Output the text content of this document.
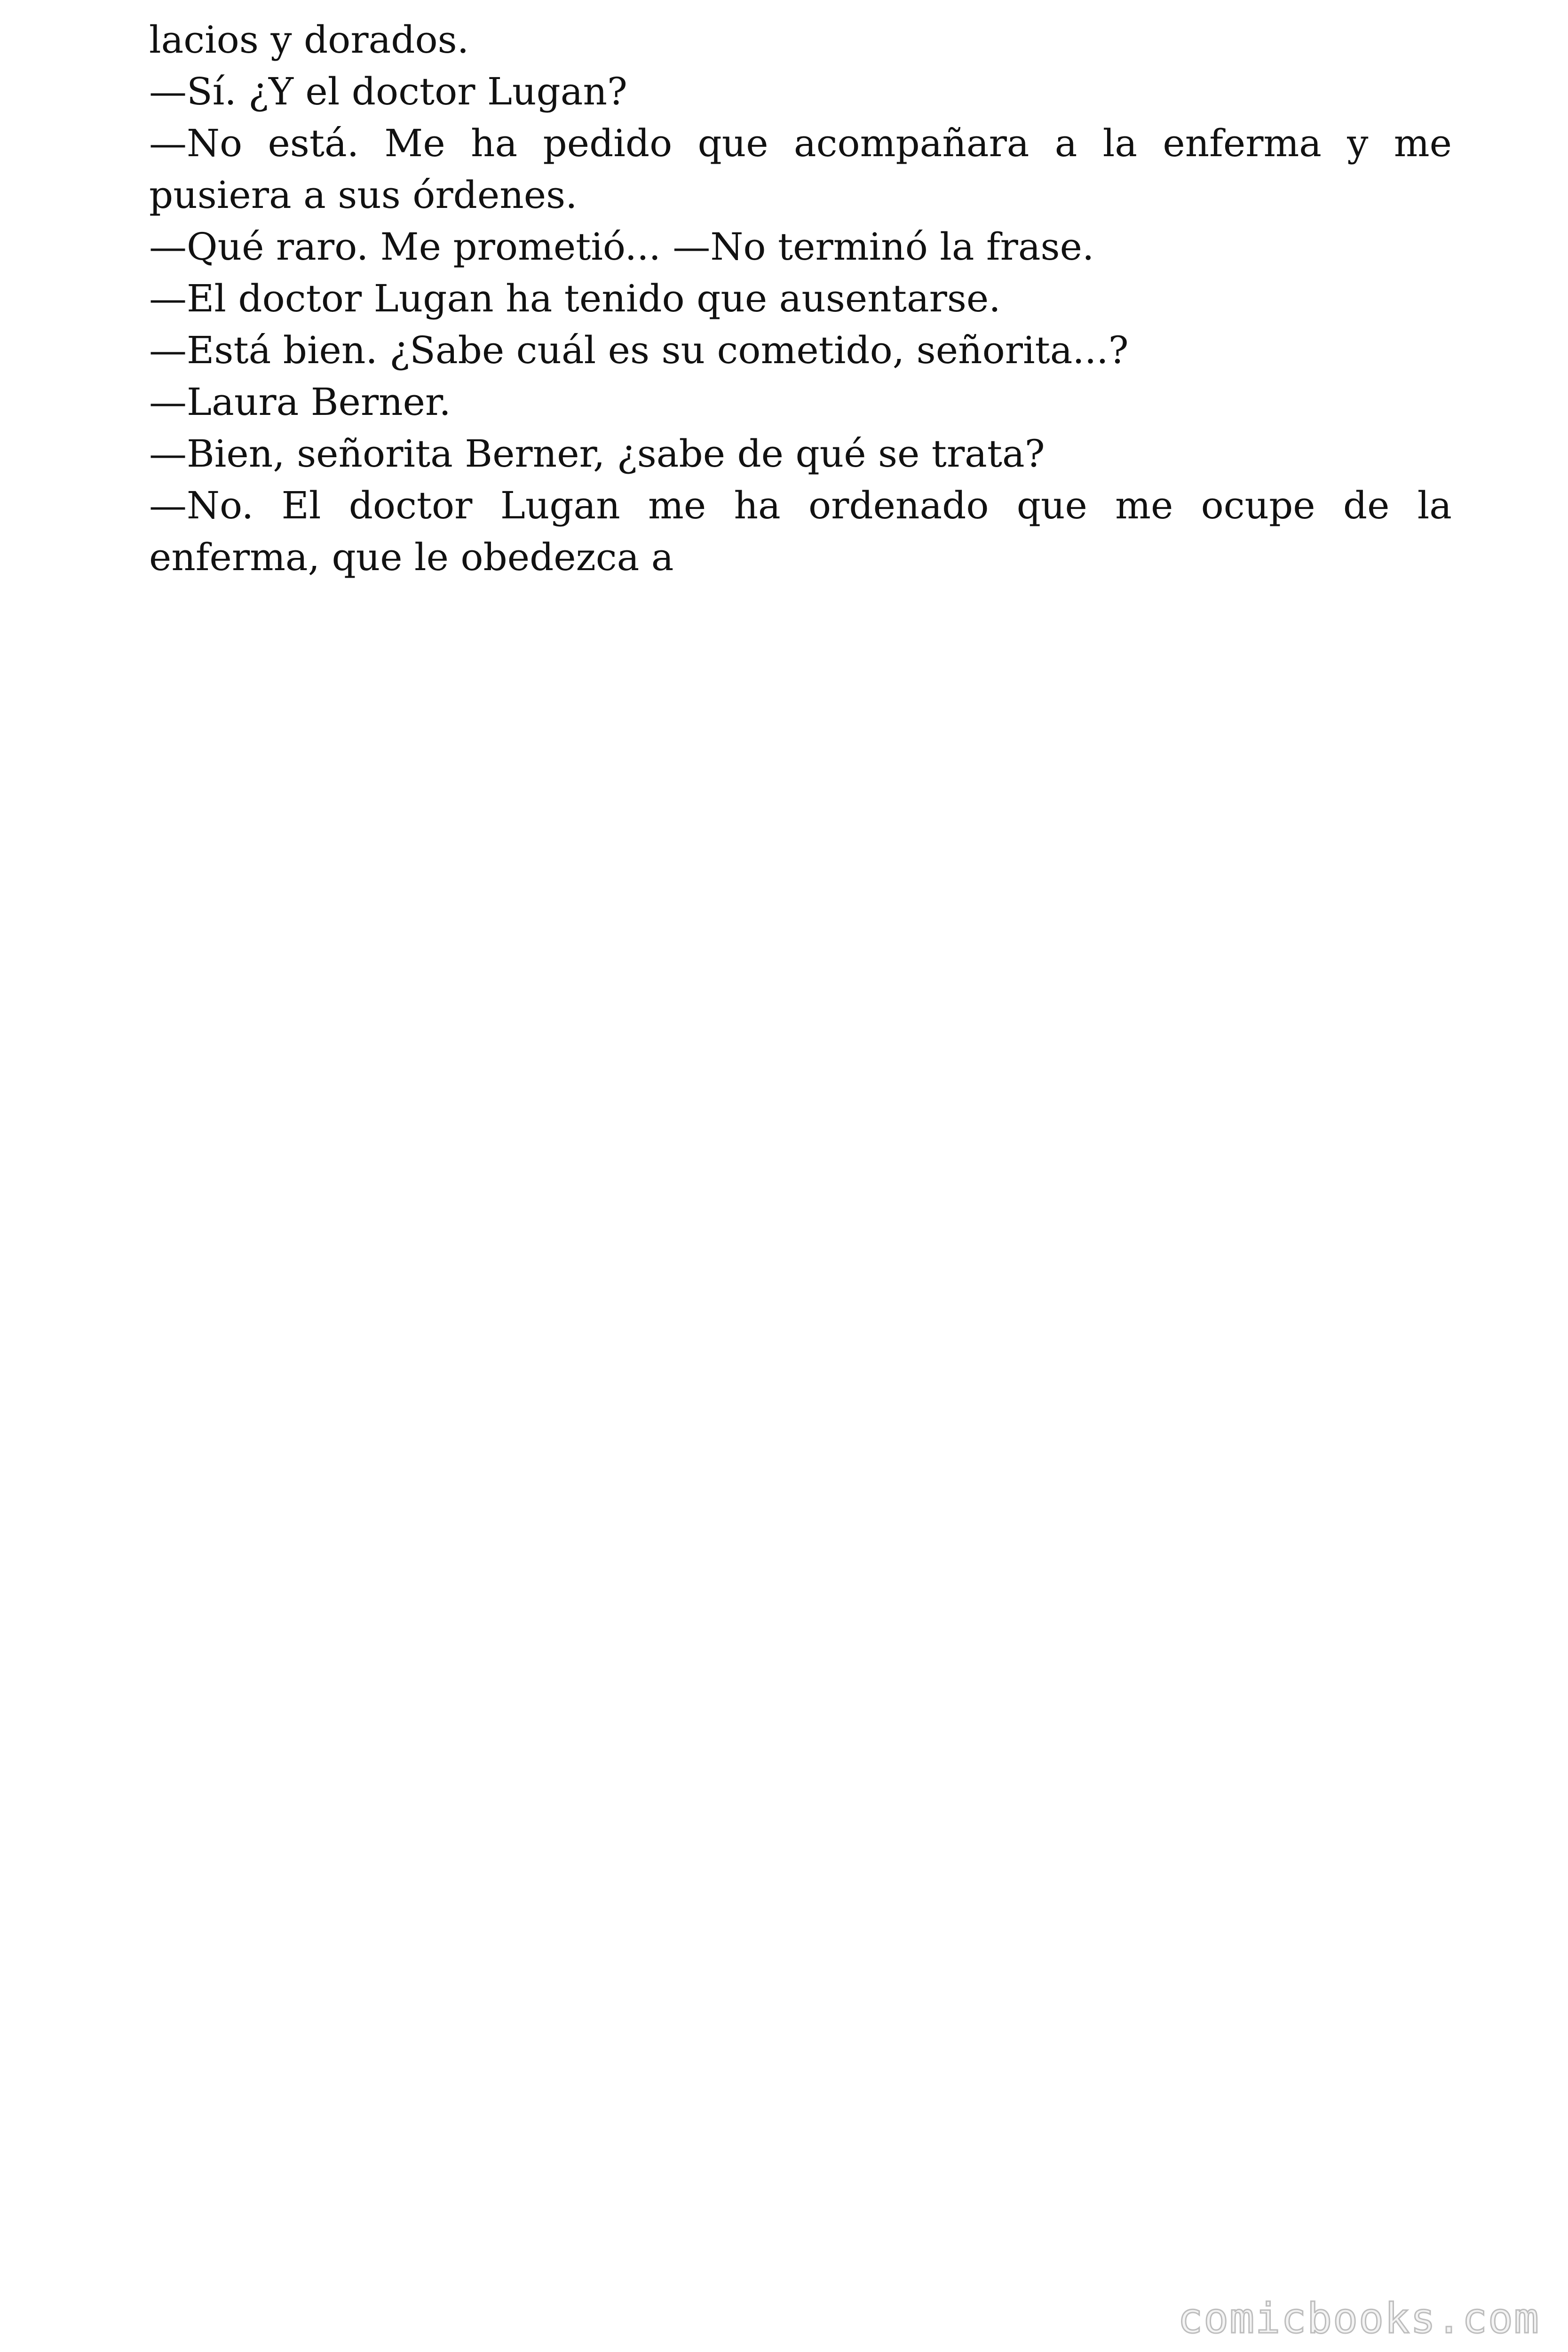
lacios y dorados.

—Sí. ¿Y el doctor Lugan?

—No está. Me ha pedido que acompañara a la enferma y me pusiera a sus órdenes.

—Qué raro. Me prometió... —No terminó la frase.

—El doctor Lugan ha tenido que ausentarse.

—Está bien. ¿Sabe cuál es su cometido, señorita...?

—Laura Berner.

—Bien, señorita Berner, ¿sabe de qué se trata?

—No. El doctor Lugan me ha ordenado que me ocupe de la enferma, que le obedezca a

comicbooks.com
